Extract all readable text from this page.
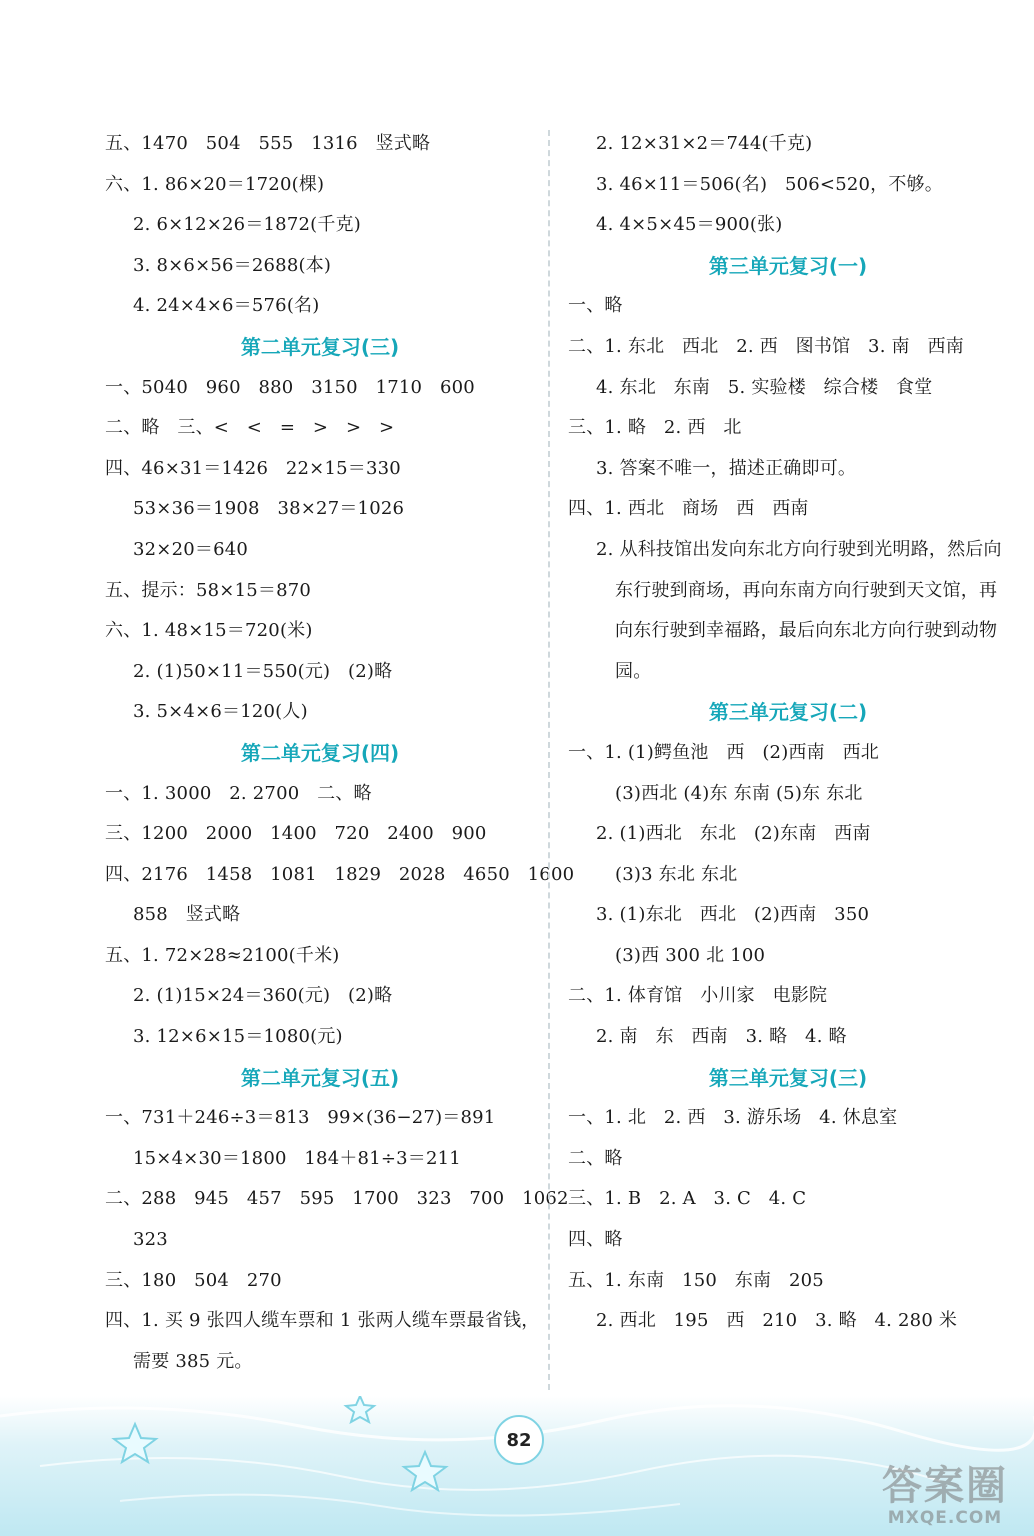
五、1470   504   555   1316   竖式略
六、1. 86×20＝1720(棵)
2. 6×12×26＝1872(千克)
3. 8×6×56＝2688(本)
4. 24×4×6＝576(名)
第二单元复习(三)
一、5040   960   880   3150   1710   600
二、略   三、<   <   =   >   >   >
四、46×31＝1426   22×15＝330
53×36＝1908   38×27＝1026
32×20＝640
五、提示：58×15＝870
六、1. 48×15＝720(米)
2. (1)50×11＝550(元)   (2)略
3. 5×4×6＝120(人)
第二单元复习(四)
一、1. 3000   2. 2700   二、略
三、1200   2000   1400   720   2400   900
四、2176   1458   1081   1829   2028   4650   1600
858   竖式略
五、1. 72×28≈2100(千米)
2. (1)15×24＝360(元)   (2)略
3. 12×6×15＝1080(元)
第二单元复习(五)
一、731＋246÷3＝813   99×(36−27)＝891
15×4×30＝1800   184＋81÷3＝211
二、288   945   457   595   1700   323   700   1062
323
三、180   504   270
四、1. 买 9 张四人缆车票和 1 张两人缆车票最省钱，
需要 385 元。
2. 12×31×2＝744(千克)
3. 46×11＝506(名)   506<520，不够。
4. 4×5×45＝900(张)
第三单元复习(一)
一、略
二、1. 东北   西北   2. 西   图书馆   3. 南   西南
4. 东北   东南   5. 实验楼   综合楼   食堂
三、1. 略   2. 西   北
3. 答案不唯一，描述正确即可。
四、1. 西北   商场   西   西南
2. 从科技馆出发向东北方向行驶到光明路，然后向东行驶到商场，再向东南方向行驶到天文馆，再向东行驶到幸福路，最后向东北方向行驶到动物园。
第三单元复习(二)
一、1. (1)鳄鱼池   西   (2)西南   西北
(3)西北 (4)东 东南 (5)东 东北
2. (1)西北   东北   (2)东南   西南
(3)3 东北 东北
3. (1)东北   西北   (2)西南   350
(3)西 300 北 100
二、1. 体育馆   小川家   电影院
2. 南   东   西南   3. 略   4. 略
第三单元复习(三)
一、1. 北   2. 西   3. 游乐场   4. 休息室
二、略
三、1. B   2. A   3. C   4. C
四、略
五、1. 东南   150   东南   205
2. 西北   195   西   210   3. 略   4. 280 米
82
答案圈
MXQE.COM
